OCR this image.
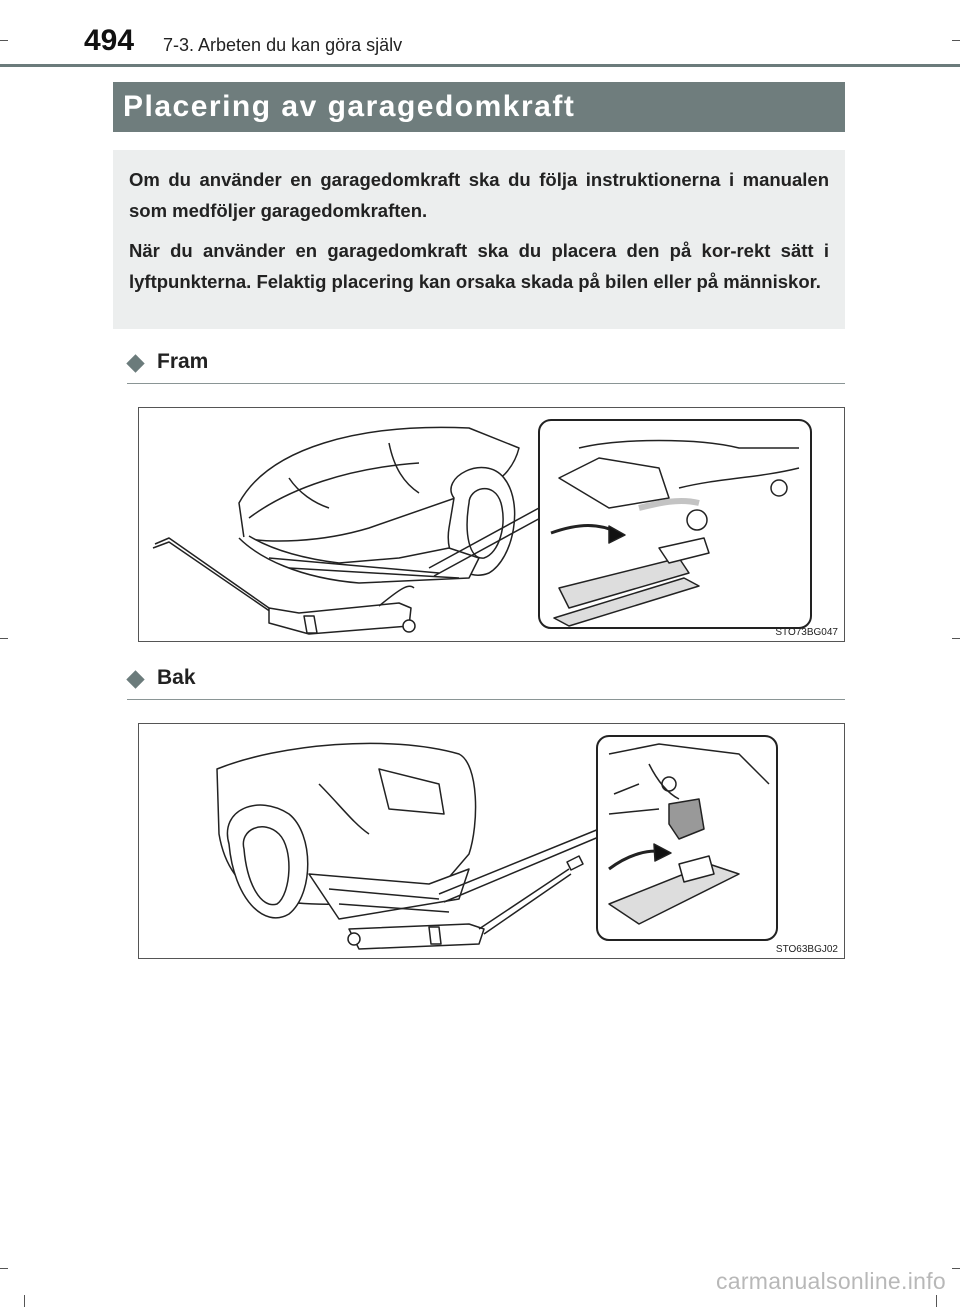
494 7-3. Arbeten du kan göra själv
Placering av garagedomkraft

Om du använder en garagedomkraft ska du följa instruktionerna i manualen som medföljer garagedomkraften.

När du använder en garagedomkraft ska du placera den på kor-rekt sätt i lyftpunkterna. Felaktig placering kan orsaka skada på bilen eller på människor.

Fram
STO73BG047
Bak
STO63BGJ02
carmanualsonline.info
